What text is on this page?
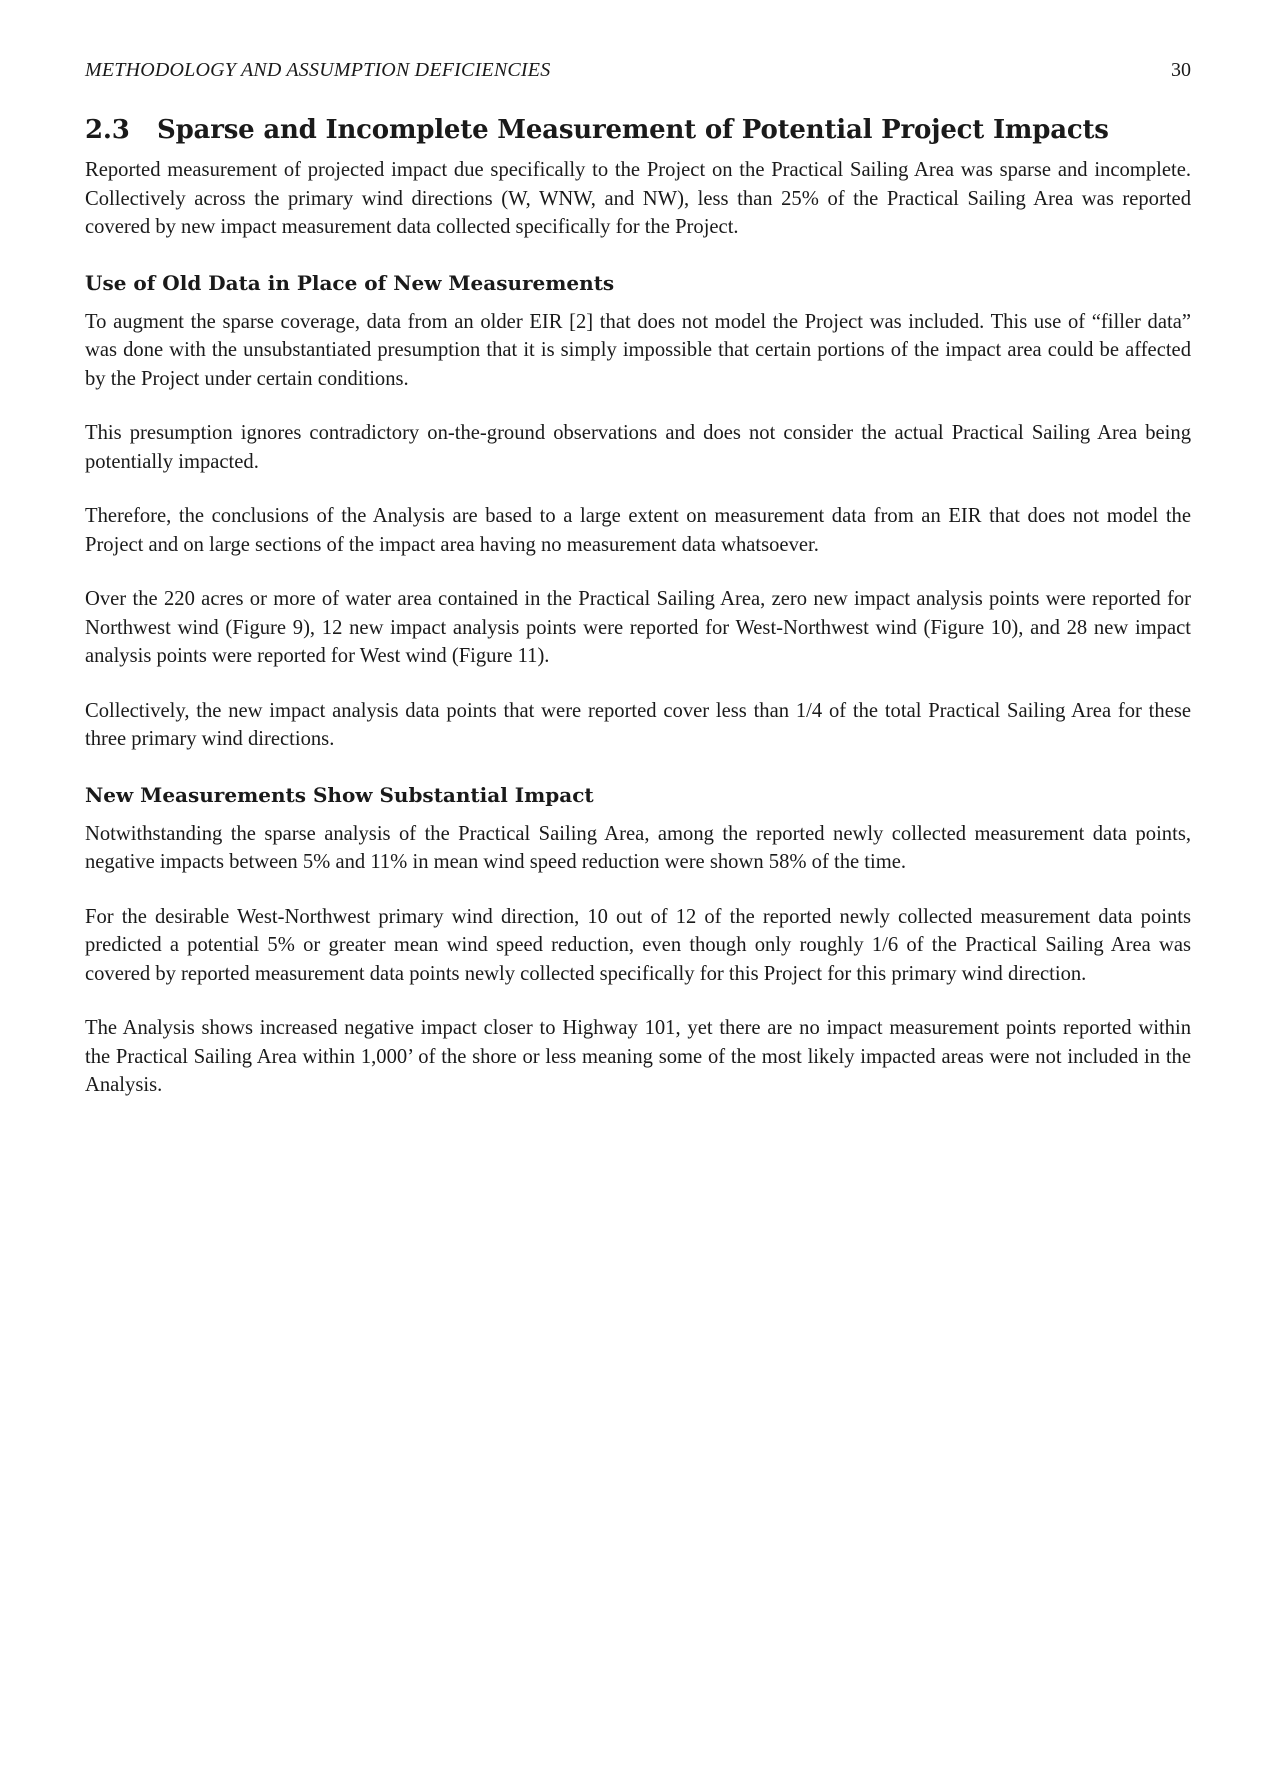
METHODOLOGY AND ASSUMPTION DEFICIENCIES	30
2.3 Sparse and Incomplete Measurement of Potential Project Impacts

Reported measurement of projected impact due specifically to the Project on the Practical Sailing Area was sparse and incomplete. Collectively across the primary wind directions (W, WNW, and NW), less than 25% of the Practical Sailing Area was reported covered by new impact measurement data collected specifically for the Project.

Use of Old Data in Place of New Measurements

To augment the sparse coverage, data from an older EIR [2] that does not model the Project was included. This use of “filler data” was done with the unsubstantiated presumption that it is simply impossible that certain portions of the impact area could be affected by the Project under certain conditions.

This presumption ignores contradictory on-the-ground observations and does not consider the actual Practical Sailing Area being potentially impacted.

Therefore, the conclusions of the Analysis are based to a large extent on measurement data from an EIR that does not model the Project and on large sections of the impact area having no measurement data whatsoever.

Over the 220 acres or more of water area contained in the Practical Sailing Area, zero new impact analysis points were reported for Northwest wind (Figure 9), 12 new impact analysis points were reported for West-Northwest wind (Figure 10), and 28 new impact analysis points were reported for West wind (Figure 11).

Collectively, the new impact analysis data points that were reported cover less than 1/4 of the total Practical Sailing Area for these three primary wind directions.

New Measurements Show Substantial Impact

Notwithstanding the sparse analysis of the Practical Sailing Area, among the reported newly collected measurement data points, negative impacts between 5% and 11% in mean wind speed reduction were shown 58% of the time.

For the desirable West-Northwest primary wind direction, 10 out of 12 of the reported newly collected measurement data points predicted a potential 5% or greater mean wind speed reduction, even though only roughly 1/6 of the Practical Sailing Area was covered by reported measurement data points newly collected specifically for this Project for this primary wind direction.

The Analysis shows increased negative impact closer to Highway 101, yet there are no impact measurement points reported within the Practical Sailing Area within 1,000’ of the shore or less meaning some of the most likely impacted areas were not included in the Analysis.
